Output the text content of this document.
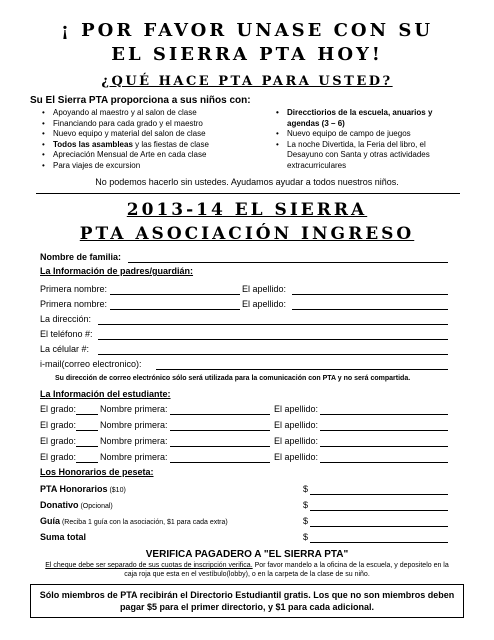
¡ POR FAVOR UNASE CON SU
EL SIERRA PTA HOY!
¿QUÉ HACE PTA PARA USTED?
Su El Sierra PTA proporciona a sus niños con:
• Apoyando al maestro y al salon de clase
• Financiando para cada grado y el maestro
• Nuevo equipo y material del salon de clase
• Todos las asambleas y las fiestas de clase
• Apreciación Mensual de Arte en cada clase
• Para viajes de excursion
• Direcctiorios de la escuela, anuarios y agendas (3 – 6)
• Nuevo equipo de campo de juegos
• La noche Divertida, la Feria del libro, el Desayuno con Santa y otras actividades extracurriculares
No podemos hacerlo sin ustedes. Ayudamos ayudar a todos nuestros niños.
2013-14 EL SIERRA
PTA ASOCIACIÓN INGRESO
Nombre de familia:
La Información de padres/guardián:
Primera nombre:	El apellido:
Primera nombre:	El apellido:
La dirección:
El teléfono #:
La célular #:
i-mail(correo electronico):
Su dirección de correo electrónico sólo será utilizada para la comunicación con PTA y no será compartida.
La Información del estudiante:
El grado:	Nombre primera:	El apellido:
El grado:	Nombre primera:	El apellido:
El grado:	Nombre primera:	El apellido:
El grado:	Nombre primera:	El apellido:
Los Honorarios de peseta:
PTA Honorarios ($10)	$
Donativo (Opcional)	$
Guía (Reciba 1 guía con la asociación, $1 para cada extra)	$
Suma total	$
VERIFICA PAGADERO A "EL SIERRA PTA"
El cheque debe ser separado de sus cuotas de inscripción verifica. Por favor mandelo a la oficina de la escuela, y depositelo en la caja roja que esta en el vestíbulo(lobby), o en la carpeta de la clase de su niño.
Sólo miembros de PTA recibirán el Directorio Estudiantil gratis. Los que no son miembros deben pagar $5 para el primer directorio, y $1 para cada adicional.
